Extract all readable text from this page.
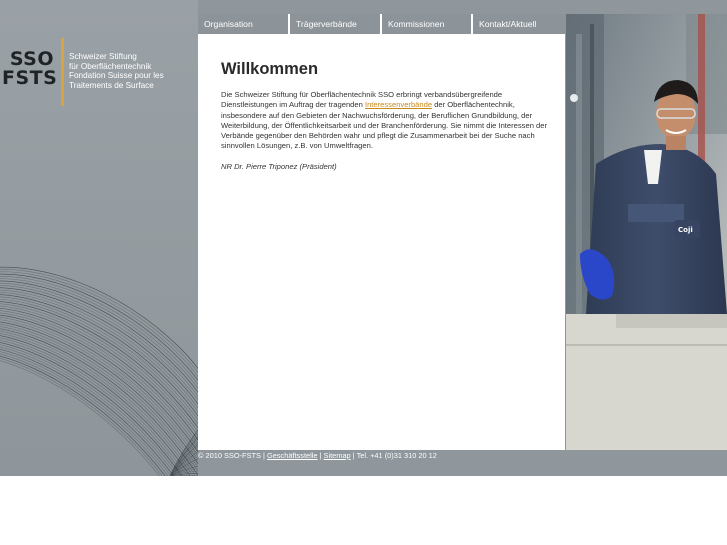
SSO
FSTS
Schweizer Stiftung
für Oberflächentechnik
Fondation Suisse pour les
Traitements de Surface
Organisation	Trägerverbände	Kommissionen	Kontakt/Aktuell
Willkommen

Die Schweizer Stiftung für Oberflächentechnik SSO erbringt verbandsübergreifende Dienstleistungen im Auftrag der tragenden Interessenverbände der Oberflächentechnik, insbesondere auf den Gebieten der Nachwuchsförderung, der Beruflichen Grundbildung, der Weiterbildung, der Öffentlichkeitsarbeit und der Branchenförderung. Sie nimmt die Interessen der Verbände gegenüber den Behörden wahr und pflegt die Zusammenarbeit bei der Suche nach sinnvollen Lösungen, z.B. von Umweltfragen.

NR Dr. Pierre Triponez (Präsident)

Coji
© 2010 SSO-FSTS | Geschäftsstelle | Sitemap | Tel. +41 (0)31 310 20 12
